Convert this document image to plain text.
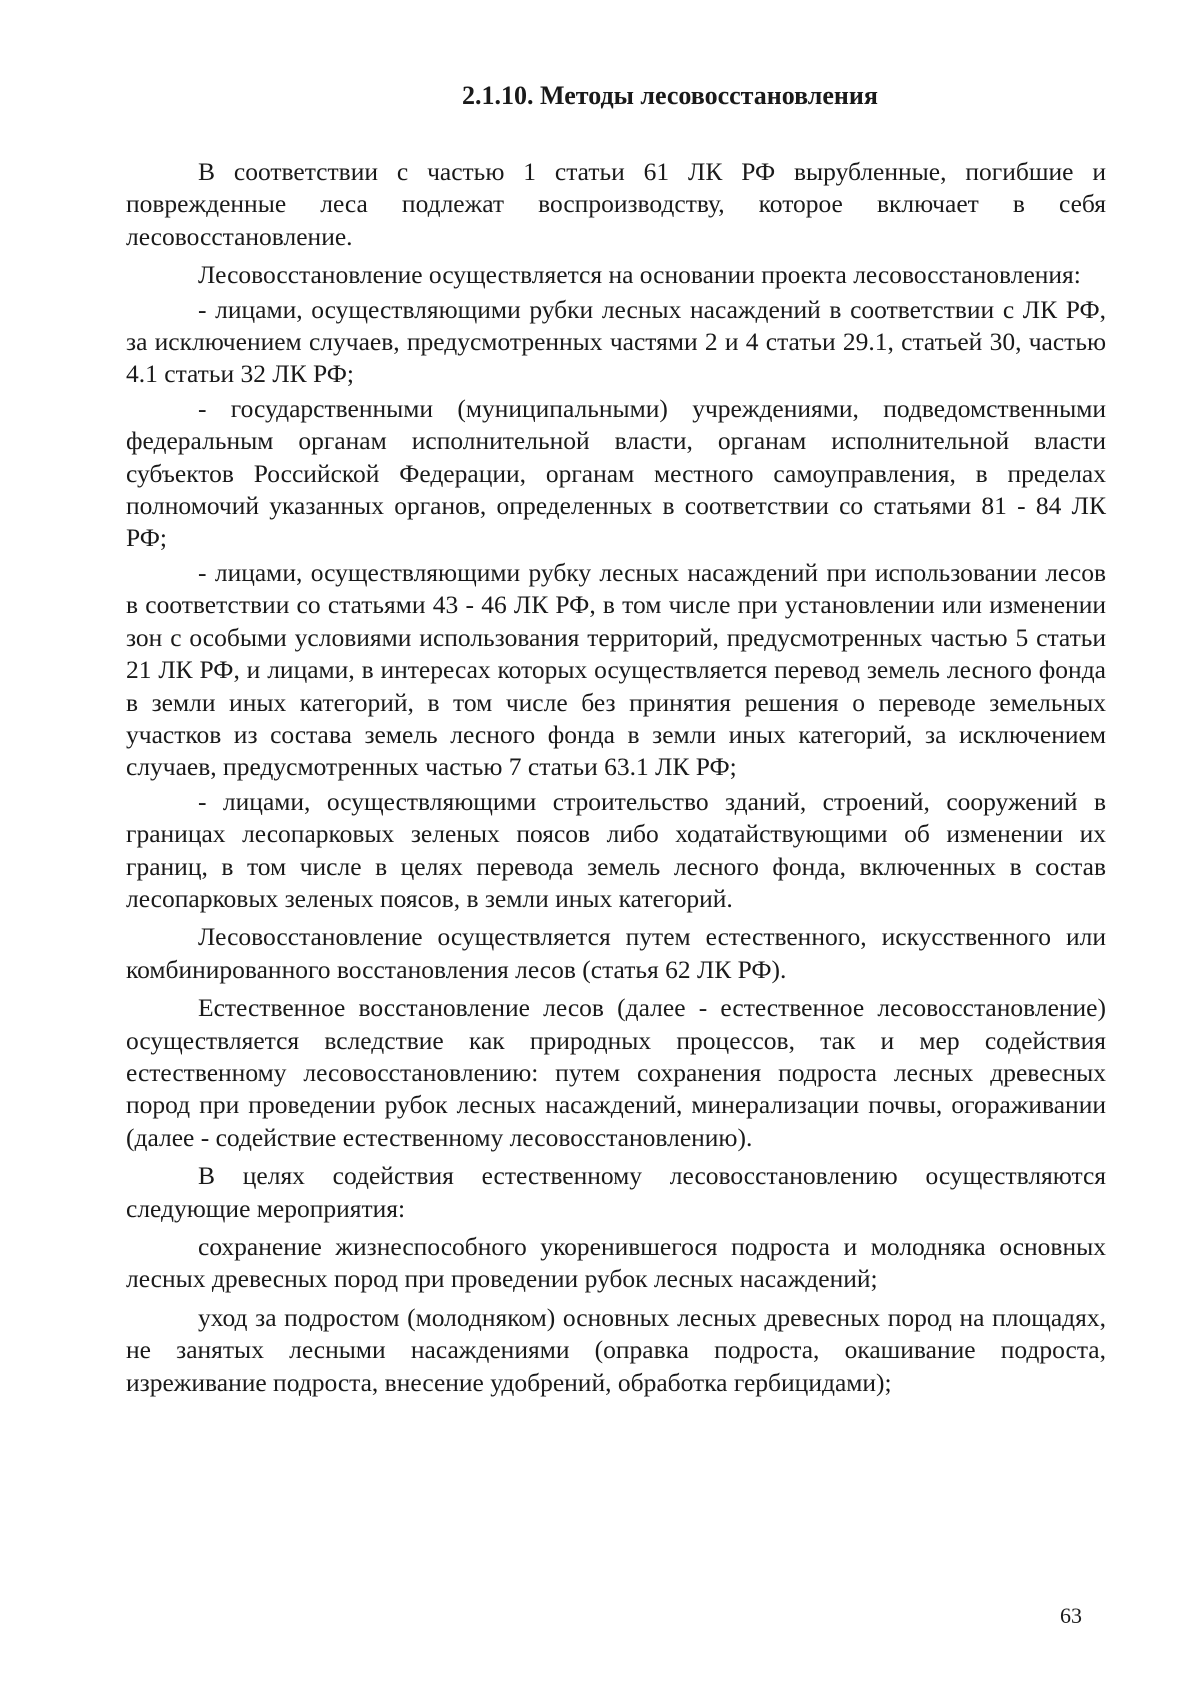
2.1.10. Методы лесовосстановления

В соответствии с частью 1 статьи 61 ЛК РФ вырубленные, погибшие и поврежденные леса подлежат воспроизводству, которое включает в себя лесовосстановление.

Лесовосстановление осуществляется на основании проекта лесовосстановления:

- лицами, осуществляющими рубки лесных насаждений в соответствии с ЛК РФ, за исключением случаев, предусмотренных частями 2 и 4 статьи 29.1, статьей 30, частью 4.1 статьи 32 ЛК РФ;

- государственными (муниципальными) учреждениями, подведомственными федеральным органам исполнительной власти, органам исполнительной власти субъектов Российской Федерации, органам местного самоуправления, в пределах полномочий указанных органов, определенных в соответствии со статьями 81 - 84 ЛК РФ;

- лицами, осуществляющими рубку лесных насаждений при использовании лесов в соответствии со статьями 43 - 46 ЛК РФ, в том числе при установлении или изменении зон с особыми условиями использования территорий, предусмотренных частью 5 статьи 21 ЛК РФ, и лицами, в интересах которых осуществляется перевод земель лесного фонда в земли иных категорий, в том числе без принятия решения о переводе земельных участков из состава земель лесного фонда в земли иных категорий, за исключением случаев, предусмотренных частью 7 статьи 63.1 ЛК РФ;

- лицами, осуществляющими строительство зданий, строений, сооружений в границах лесопарковых зеленых поясов либо ходатайствующими об изменении их границ, в том числе в целях перевода земель лесного фонда, включенных в состав лесопарковых зеленых поясов, в земли иных категорий.

Лесовосстановление осуществляется путем естественного, искусственного или комбинированного восстановления лесов (статья 62 ЛК РФ).

Естественное восстановление лесов (далее - естественное лесовосстановление) осуществляется вследствие как природных процессов, так и мер содействия естественному лесовосстановлению: путем сохранения подроста лесных древесных пород при проведении рубок лесных насаждений, минерализации почвы, огораживании (далее - содействие естественному лесовосстановлению).

В целях содействия естественному лесовосстановлению осуществляются следующие мероприятия:

сохранение жизнеспособного укоренившегося подроста и молодняка основных лесных древесных пород при проведении рубок лесных насаждений;

уход за подростом (молодняком) основных лесных древесных пород на площадях, не занятых лесными насаждениями (оправка подроста, окашивание подроста, изреживание подроста, внесение удобрений, обработка гербицидами);

63
